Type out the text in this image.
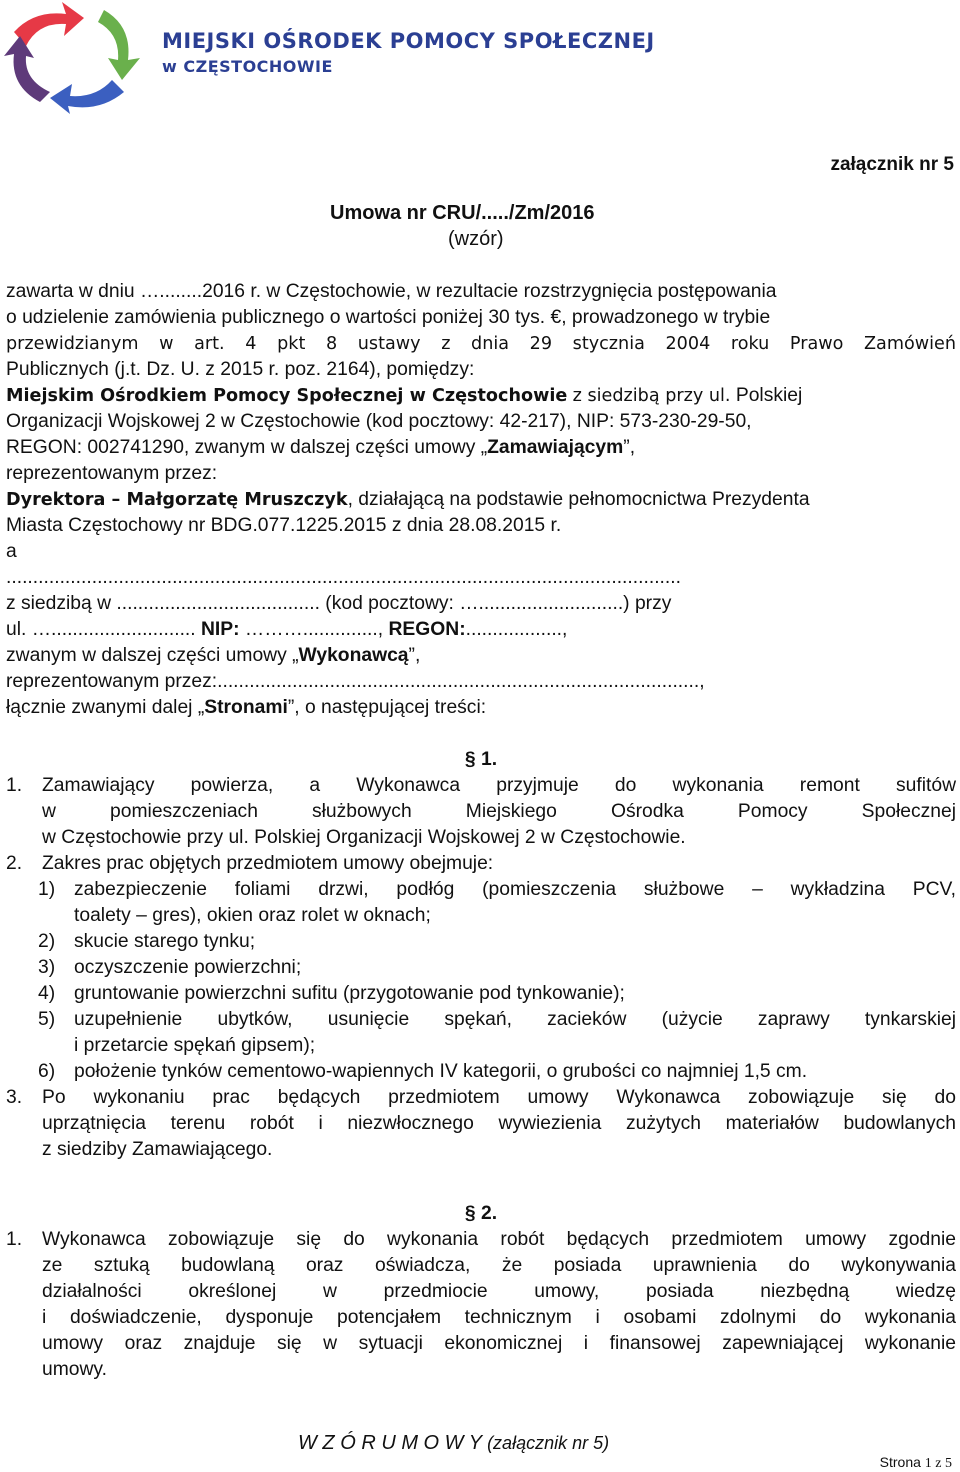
MIEJSKI OŚRODEK POMOCY SPOŁECZNEJ
w CZĘSTOCHOWIE
załącznik nr 5
Umowa nr CRU/...../Zm/2016
(wzór)
zawarta w dniu …........2016 r. w Częstochowie, w rezultacie rozstrzygnięcia postępowania
o udzielenie zamówienia publicznego o wartości poniżej 30 tys. €, prowadzonego w trybie
przewidzianym w art. 4 pkt 8 ustawy z dnia 29 stycznia 2004 roku Prawo Zamówień
Publicznych (j.t. Dz. U. z 2015 r. poz. 2164), pomiędzy:
Miejskim Ośrodkiem Pomocy Społecznej w Częstochowie z siedzibą przy ul. Polskiej
Organizacji Wojskowej 2 w Częstochowie (kod pocztowy: 42-217), NIP: 573-230-29-50,
REGON: 002741290, zwanym w dalszej części umowy „Zamawiającym”,
reprezentowanym przez:
Dyrektora – Małgorzatę Mruszczyk, działającą na podstawie pełnomocnictwa Prezydenta
Miasta Częstochowy nr BDG.077.1225.2015 z dnia 28.08.2015 r.
a
..............................................................................................................................
z siedzibą w ...................................... (kod pocztowy: …...........................) przy
ul. …........................... NIP: ……….............., REGON:..................,
zwanym w dalszej części umowy „Wykonawcą”,
reprezentowanym przez:..........................................................................................,
łącznie zwanymi dalej „Stronami”, o następującej treści:
§ 1.
1. Zamawiający powierza, a Wykonawca przyjmuje do wykonania remont sufitów
w pomieszczeniach służbowych Miejskiego Ośrodka Pomocy Społecznej
w Częstochowie przy ul. Polskiej Organizacji Wojskowej 2 w Częstochowie.
2. Zakres prac objętych przedmiotem umowy obejmuje:
1) zabezpieczenie foliami drzwi, podłóg (pomieszczenia służbowe – wykładzina PCV,
toalety – gres), okien oraz rolet w oknach;
2) skucie starego tynku;
3) oczyszczenie powierzchni;
4) gruntowanie powierzchni sufitu (przygotowanie pod tynkowanie);
5) uzupełnienie ubytków, usunięcie spękań, zacieków (użycie zaprawy tynkarskiej
i przetarcie spękań gipsem);
6) położenie tynków cementowo-wapiennych IV kategorii, o grubości co najmniej 1,5 cm.
3. Po wykonaniu prac będących przedmiotem umowy Wykonawca zobowiązuje się do
uprzątnięcia terenu robót i niezwłocznego wywiezienia zużytych materiałów budowlanych
z siedziby Zamawiającego.
§ 2.
1. Wykonawca zobowiązuje się do wykonania robót będących przedmiotem umowy zgodnie
ze sztuką budowlaną oraz oświadcza, że posiada uprawnienia do wykonywania
działalności określonej w przedmiocie umowy, posiada niezbędną wiedzę
i doświadczenie, dysponuje potencjałem technicznym i osobami zdolnymi do wykonania
umowy oraz znajduje się w sytuacji ekonomicznej i finansowej zapewniającej wykonanie
umowy.
W Z Ó R U M O W Y (załącznik nr 5)
Strona 1 z 5
